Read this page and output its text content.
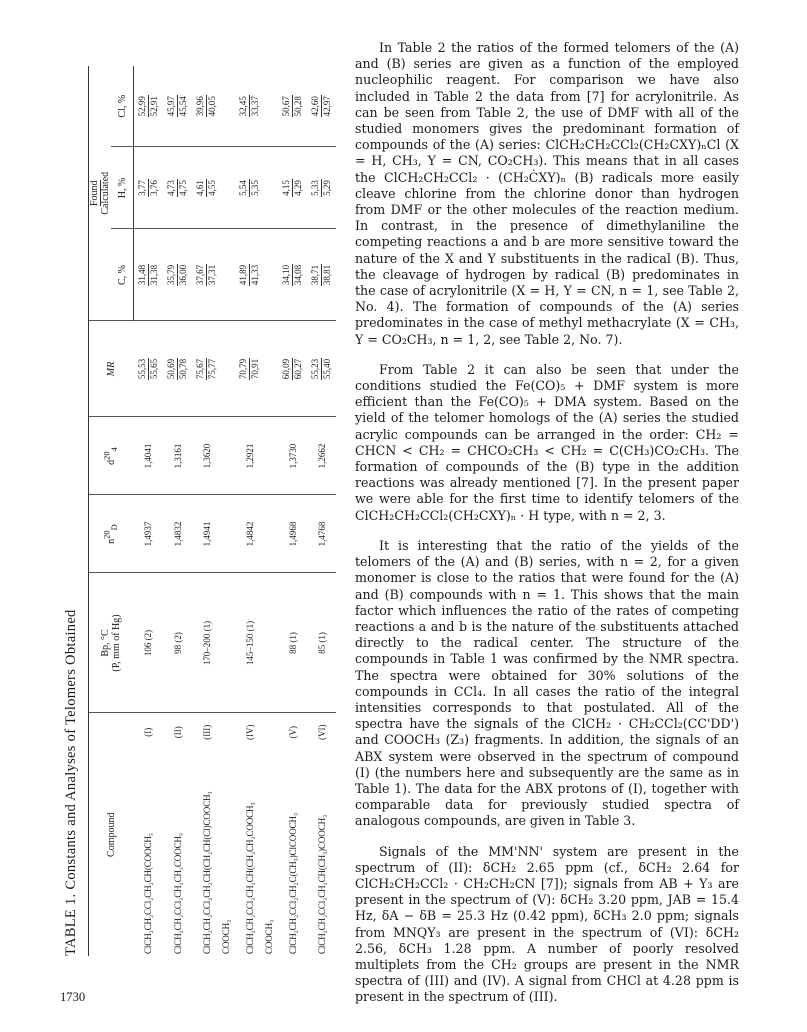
TABLE 1. Constants and Analyses of Telomers Obtained	Compound		Bp, °C
(P, mm of Hg)	$n^{20}_D$	$d^{20}_4$	MR	Found
Calculated		
						C, %	H, %	Cl, %
ClCH₂CH₂CCl₂CH₂CH(COOCH₃	(I)	106 (2)	1,4937	1,4041	55,53 55,65	31,48 31,38	3,77 3,76	52,99 52,91

ClCH₂CH₂CCl₂CH₂CH₂COOCH₃	(II)	98 (2)	1,4832	1,3161	50,69 50,78	35,79 36,00	4,73 4,75	45,97 45,54

ClCH₂CH₂CCl₂CH₂CH(CH₂CH(Cl)COOCH₃	(III)	170–200 (1)	1,4941	1,3620	75,67 75,77	37,67 37,31	4,61 4,55	39,96 40,05

COOCH₃								
ClCH₂CH₂CCl₂CH₂CH(CH₂CH₂COOCH₃	(IV)	145–150 (1)	1,4842	1,2921	70,79 70,91	41,89 41,33	5,54 5,35	32,45 33,37

COOCH₃								
ClCH₂CH₂CCl₂CH₂C(CH₃)ClCOOCH₃	(V)	88 (1)	1,4968	1,3730	60,09 60,27	34,10 34,08	4,15 4,29	50,67 50,28

ClCH₂CH₂CCl₂CH₂CH(CH₃)COOCH₃	(VI)	85 (1)	1,4768	1,2662	55,23 55,40	38,71 38,81	5,33 5,29	42,60 42,97

In Table 2 the ratios of the formed telomers of the (A) and (B) series are given as a function of the employed nucleophilic reagent. For comparison we have also included in Table 2 the data from [7] for acrylonitrile. As can be seen from Table 2, the use of DMF with all of the studied monomers gives the predominant formation of compounds of the (A) series: ClCH₂CH₂CCl₂(CH₂CXY)ₙCl (X = H, CH₃, Y = CN, CO₂CH₃). This means that in all cases the ClCH₂CH₂CCl₂ · (CH₂ĊXY)ₙ (B) radicals more easily cleave chlorine from the chlorine donor than hydrogen from DMF or the other molecules of the reaction medium. In contrast, in the presence of dimethylaniline the competing reactions a and b are more sensitive toward the nature of the X and Y substituents in the radical (B). Thus, the cleavage of hydrogen by radical (B) predominates in the case of acrylonitrile (X = H, Y = CN, n = 1, see Table 2, No. 4). The formation of compounds of the (A) series predominates in the case of methyl methacrylate (X = CH₃, Y = CO₂CH₃, n = 1, 2, see Table 2, No. 7).

From Table 2 it can also be seen that under the conditions studied the Fe(CO)₅ + DMF system is more efficient than the Fe(CO)₅ + DMA system. Based on the yield of the telomer homologs of the (A) series the studied acrylic compounds can be arranged in the order: CH₂ = CHCN < CH₂ = CHCO₂CH₃ < CH₂ = C(CH₃)CO₂CH₃. The formation of compounds of the (B) type in the addition reactions was already mentioned [7]. In the present paper we were able for the first time to identify telomers of the ClCH₂CH₂CCl₂(CH₂CXY)ₙ · H type, with n = 2, 3.

It is interesting that the ratio of the yields of the telomers of the (A) and (B) series, with n = 2, for a given monomer is close to the ratios that were found for the (A) and (B) compounds with n = 1. This shows that the main factor which influences the ratio of the rates of competing reactions a and b is the nature of the substituents attached directly to the radical center. The structure of the compounds in Table 1 was confirmed by the NMR spectra. The spectra were obtained for 30% solutions of the compounds in CCl₄. In all cases the ratio of the integral intensities corresponds to that postulated. All of the spectra have the signals of the ClCH₂ · CH₂CCl₂(CC'DD') and COOCH₃ (Z₃) fragments. In addition, the signals of an ABX system were observed in the spectrum of compound (I) (the numbers here and subsequently are the same as in Table 1). The data for the ABX protons of (I), together with comparable data for previously studied spectra of analogous compounds, are given in Table 3.

Signals of the MM'NN' system are present in the spectrum of (II): δCH₂ 2.65 ppm (cf., δCH₂ 2.64 for ClCH₂CH₂CCl₂ · CH₂CH₂CN [7]); signals from AB + Y₃ are present in the spectrum of (V): δCH₂ 3.20 ppm, JAB = 15.4 Hz, δA − δB = 25.3 Hz (0.42 ppm), δCH₃ 2.0 ppm; signals from MNQY₃ are present in the spectrum of (VI): δCH₂ 2.56, δCH₃ 1.28 ppm. A number of poorly resolved multiplets from the CH₂ groups are present in the NMR spectra of (III) and (IV). A signal from CHCl at 4.28 ppm is present in the spectrum of (III).

1730
